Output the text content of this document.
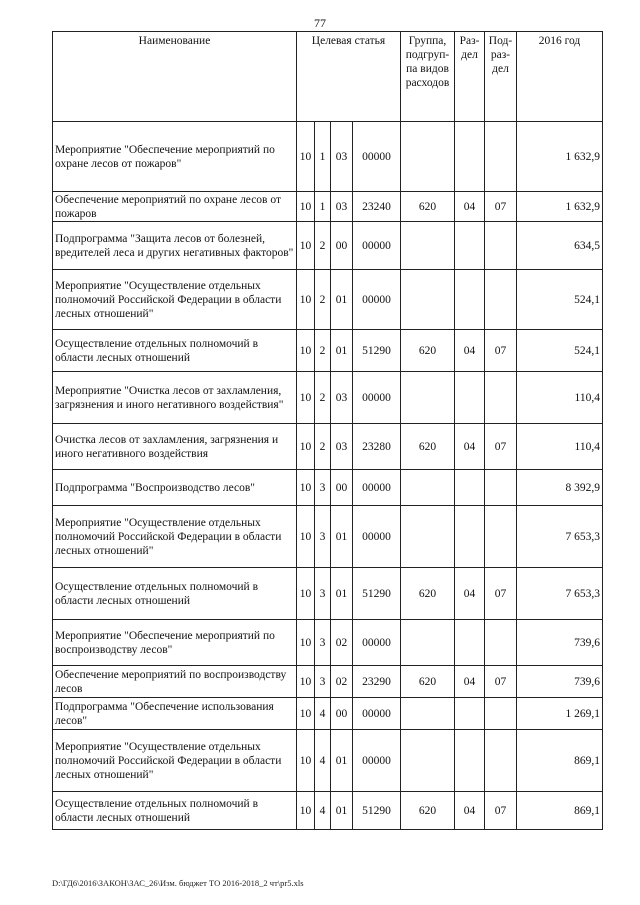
77
Наименование	Целевая статья				Группа, подгруп-па видов расходов	Раз-дел	Под-раз-дел	2016 год
Мероприятие "Обеспечение мероприятий по охране лесов от пожаров"	10	1	03	00000				1 632,9
Обеспечение мероприятий по охране лесов от пожаров	10	1	03	23240	620	04	07	1 632,9
Подпрограмма "Защита лесов от болезней, вредителей леса и других негативных факторов"	10	2	00	00000				634,5
Мероприятие "Осуществление отдельных полномочий Российской Федерации в области лесных отношений"	10	2	01	00000				524,1
Осуществление отдельных полномочий в области лесных отношений	10	2	01	51290	620	04	07	524,1
Мероприятие "Очистка лесов от захламления, загрязнения и иного негативного воздействия"	10	2	03	00000				110,4
Очистка лесов от захламления, загрязнения и иного негативного воздействия	10	2	03	23280	620	04	07	110,4
Подпрограмма "Воспроизводство лесов"	10	3	00	00000				8 392,9
Мероприятие "Осуществление отдельных полномочий Российской Федерации в области лесных отношений"	10	3	01	00000				7 653,3
Осуществление отдельных полномочий в области лесных отношений	10	3	01	51290	620	04	07	7 653,3
Мероприятие "Обеспечение мероприятий по воспроизводству лесов"	10	3	02	00000				739,6
Обеспечение мероприятий по воспроизводству лесов	10	3	02	23290	620	04	07	739,6
Подпрограмма "Обеспечение использования лесов"	10	4	00	00000				1 269,1
Мероприятие "Осуществление отдельных полномочий Российской Федерации в области лесных отношений"	10	4	01	00000				869,1
Осуществление отдельных полномочий в области лесных отношений	10	4	01	51290	620	04	07	869,1
D:\ГД6\2016\ЗАКОН\ЗАС_26\Изм. бюджет ТО 2016-2018_2 чт\pr5.xls
